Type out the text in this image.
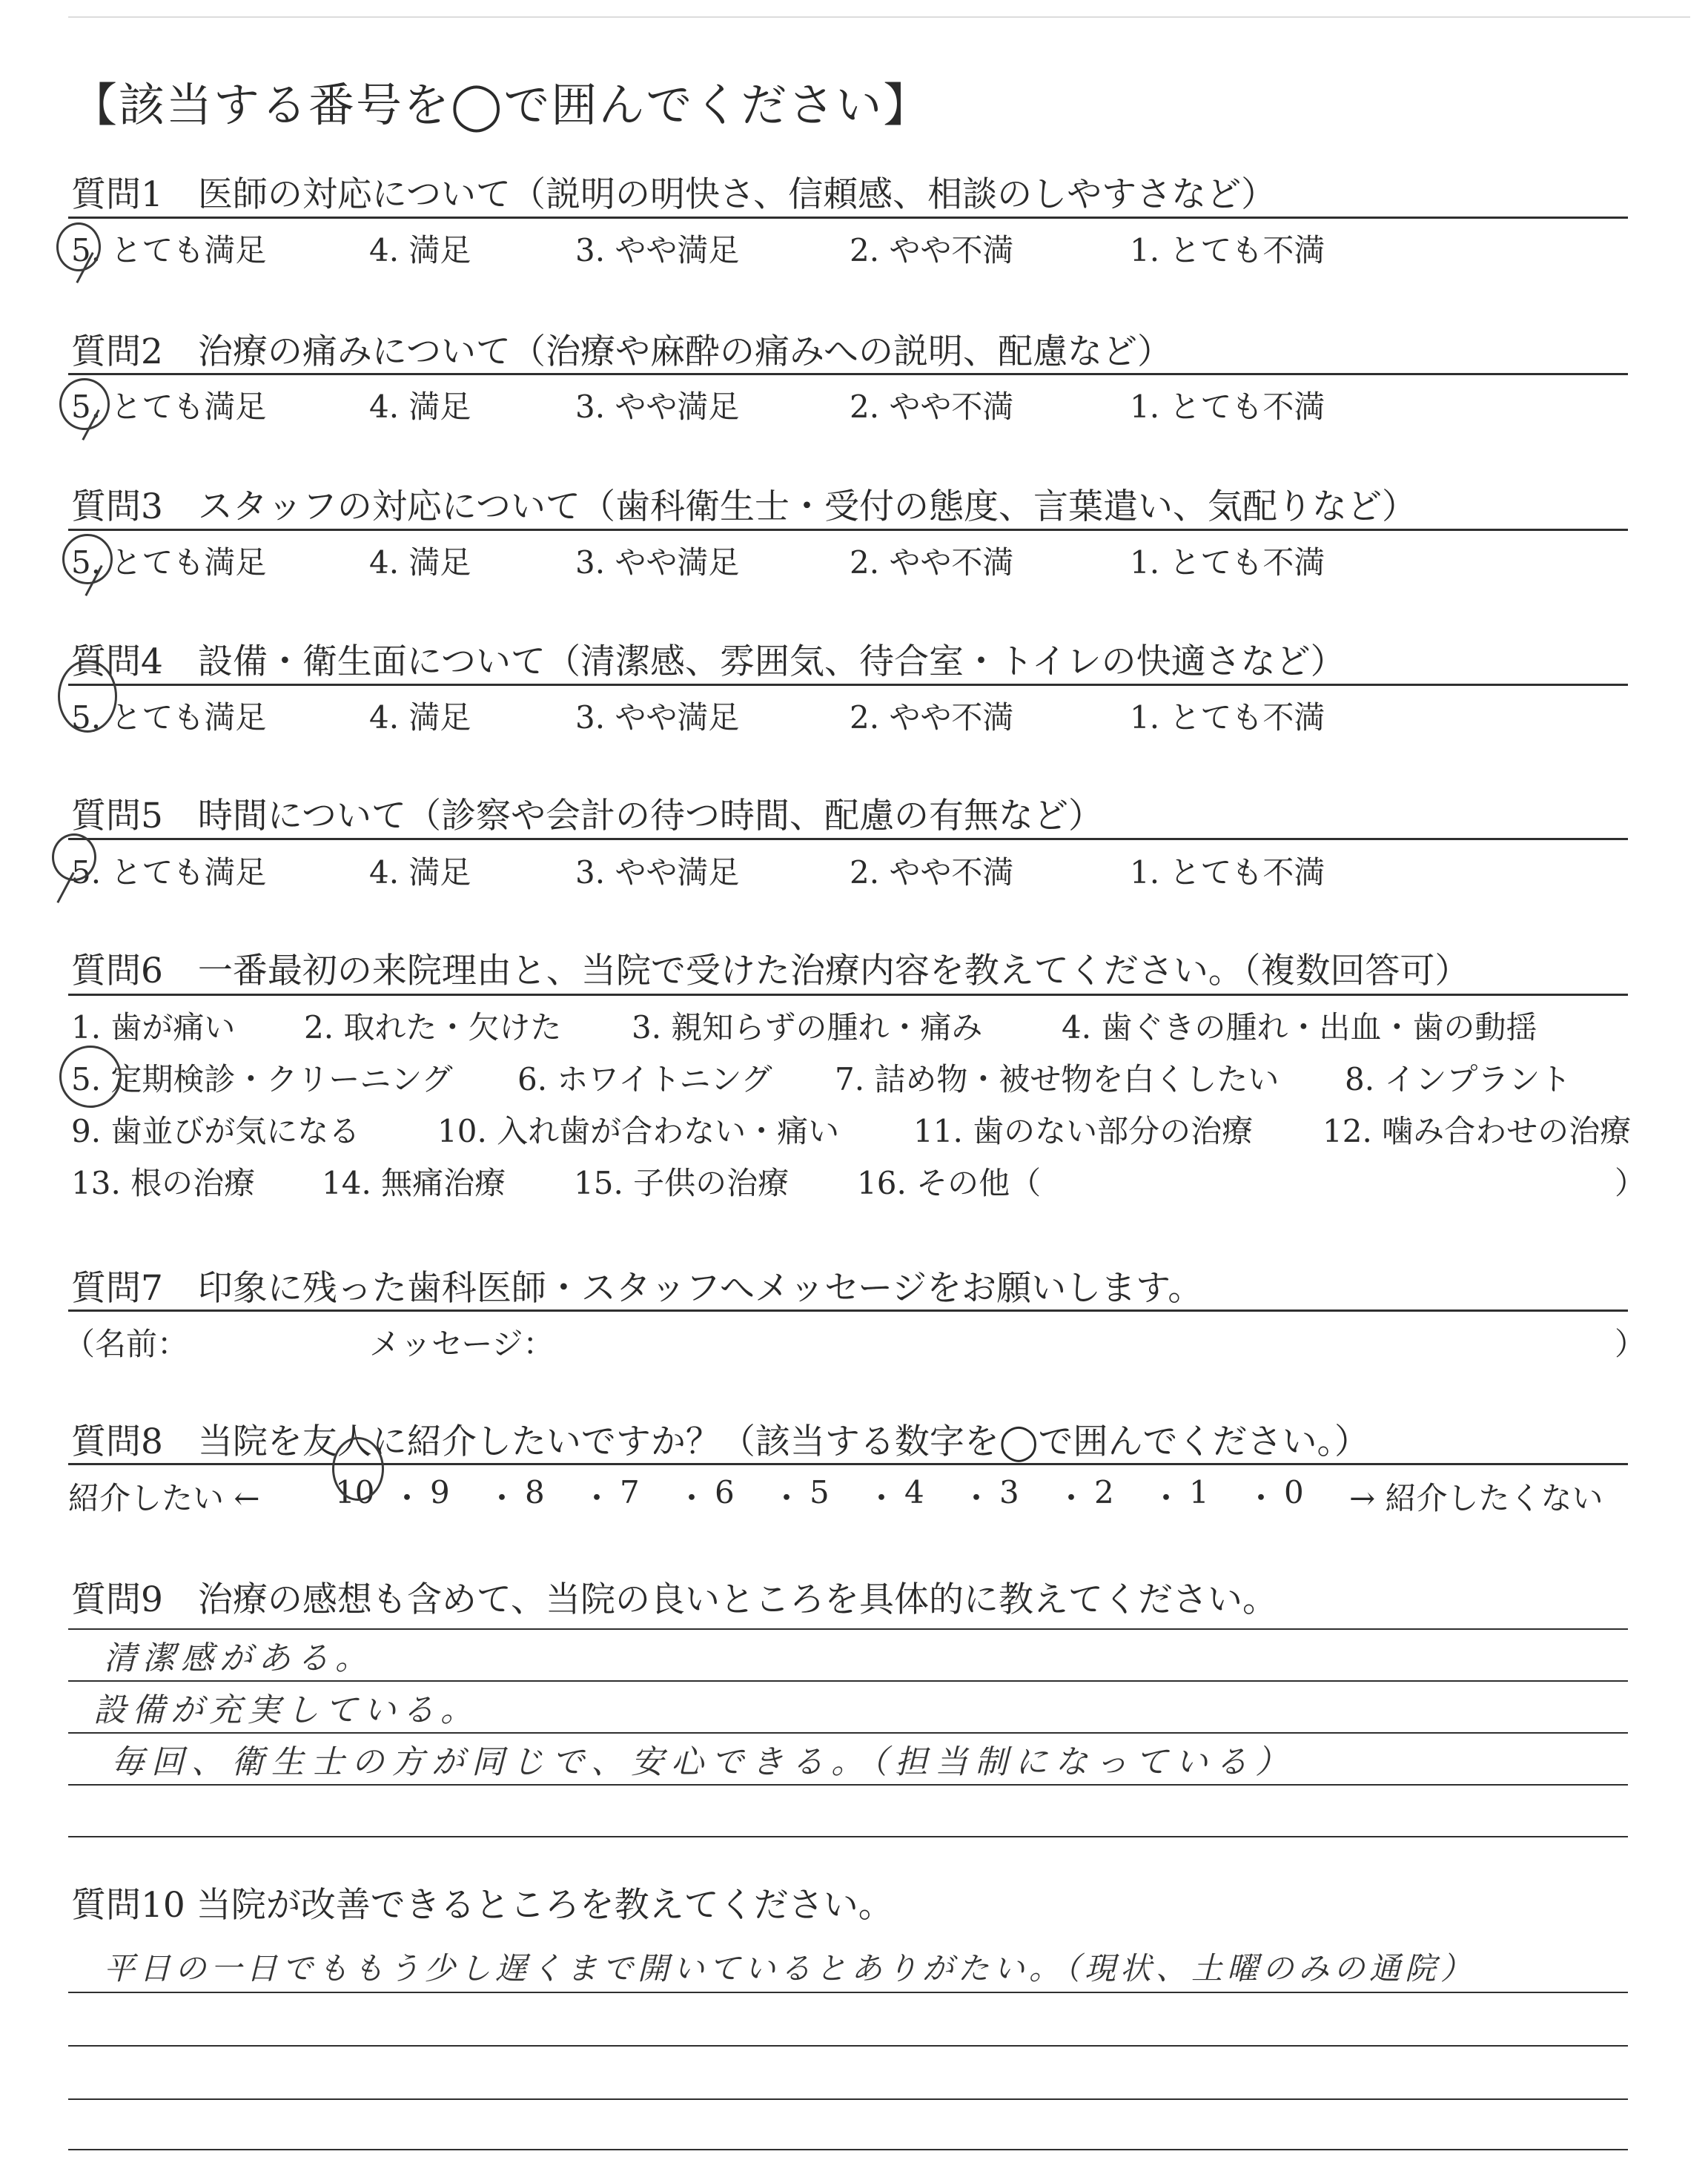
【該当する番号を◯で囲んでください】
質問1　医師の対応について（説明の明快さ、信頼感、相談のしやすさなど）
5. とても満足	4. 満足	3. やや満足	2. やや不満	1. とても不満
質問2　治療の痛みについて（治療や麻酔の痛みへの説明、配慮など）
5. とても満足	4. 満足	3. やや満足	2. やや不満	1. とても不満
質問3　スタッフの対応について（歯科衛生士・受付の態度、言葉遣い、気配りなど）
5. とても満足	4. 満足	3. やや満足	2. やや不満	1. とても不満
質問4　設備・衛生面について（清潔感、雰囲気、待合室・トイレの快適さなど）
5. とても満足	4. 満足	3. やや満足	2. やや不満	1. とても不満
質問5　時間について（診察や会計の待つ時間、配慮の有無など）
5. とても満足	4. 満足	3. やや満足	2. やや不満	1. とても不満
質問6　一番最初の来院理由と、当院で受けた治療内容を教えてください。（複数回答可）
1. 歯が痛い 2. 取れた・欠けた 3. 親知らずの腫れ・痛み	4. 歯ぐきの腫れ・出血・歯の動揺
5. 定期検診・クリーニング 6. ホワイトニング 7. 詰め物・被せ物を白くしたい 8. インプラント
9. 歯並びが気になる 10. 入れ歯が合わない・痛い 11. 歯のない部分の治療 12. 噛み合わせの治療
13. 根の治療 14. 無痛治療 15. 子供の治療 16. その他（	）
質問7　印象に残った歯科医師・スタッフへメッセージをお願いします。
（名前：	メッセージ：	）
質問8　当院を友人に紹介したいですか？（該当する数字を◯で囲んでください。）
紹介したい ← 10 ・ 9 ・ 8 ・ 7 ・ 6 ・ 5 ・ 4 ・ 3 ・ 2 ・ 1 ・ 0 → 紹介したくない
質問9　治療の感想も含めて、当院の良いところを具体的に教えてください。
清潔感がある。
設備が充実している。
毎回、衛生士の方が同じで、安心できる。（担当制になっている）
質問10 当院が改善できるところを教えてください。
平日の一日でももう少し遅くまで開いているとありがたい。（現状、土曜のみの通院）
